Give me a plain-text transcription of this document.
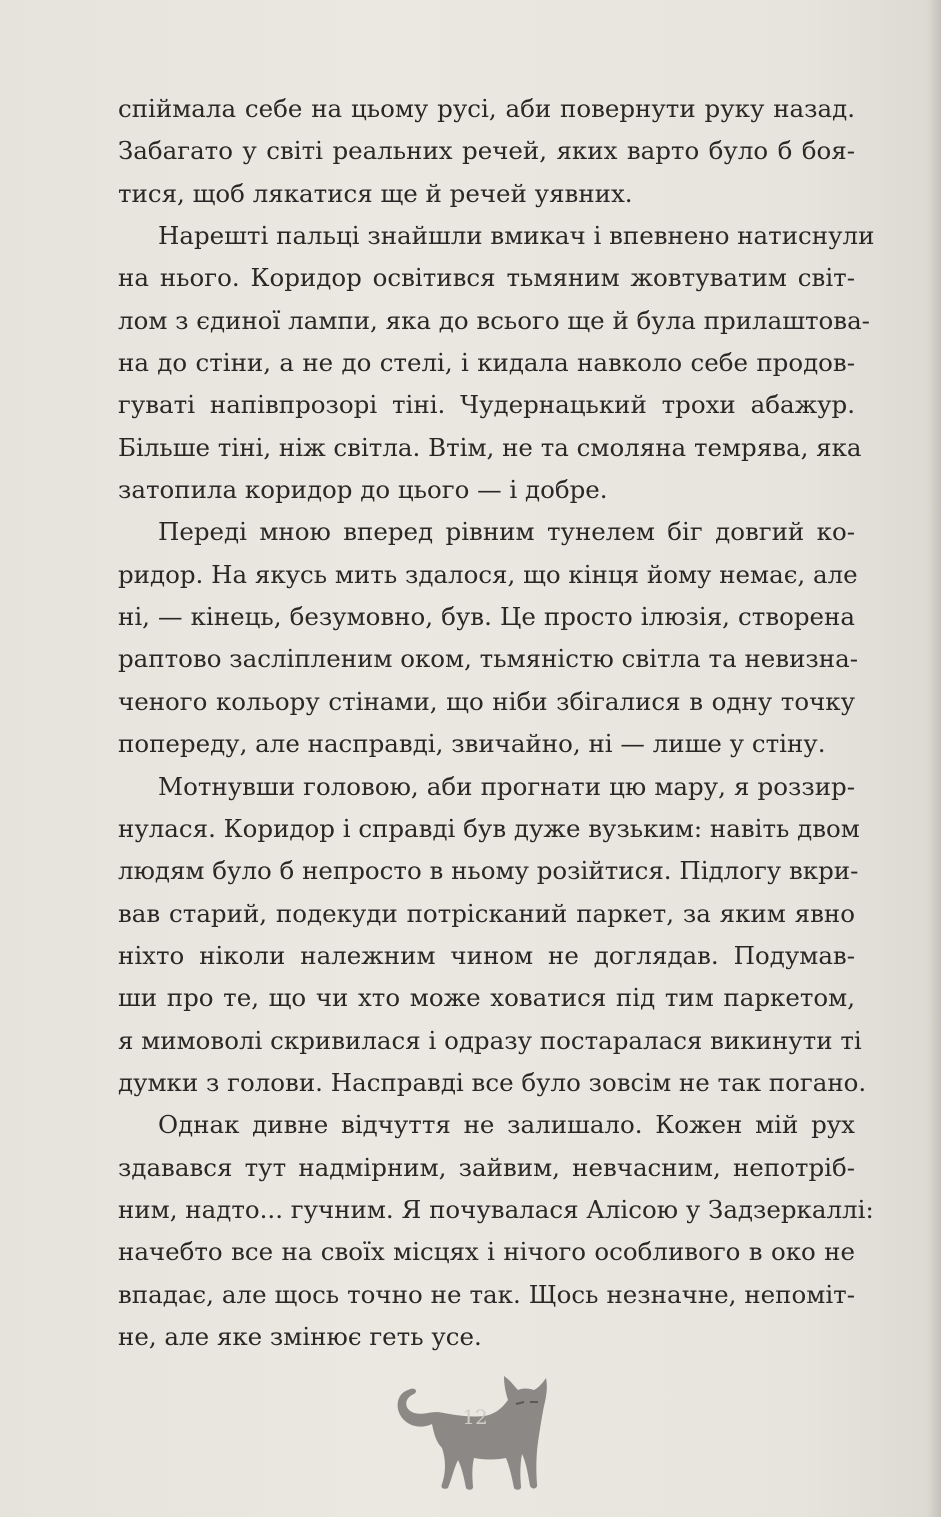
спіймала себе на цьому русі, аби повернути руку назад.
Забагато у світі реальних речей, яких варто було б боя-
тися, щоб лякатися ще й речей уявних.
Нарешті пальці знайшли вмикач і впевнено натиснули
на нього. Коридор освітився тьмяним жовтуватим світ-
лом з єдиної лампи, яка до всього ще й була прилаштова-
на до стіни, а не до стелі, і кидала навколо себе продов-
гуваті напівпрозорі тіні. Чудернацький трохи абажур.
Більше тіні, ніж світла. Втім, не та смоляна темрява, яка
затопила коридор до цього — і добре.
Переді мною вперед рівним тунелем біг довгий ко-
ридор. На якусь мить здалося, що кінця йому немає, але
ні, — кінець, безумовно, був. Це просто ілюзія, створена
раптово засліпленим оком, тьмяністю світла та невизна-
ченого кольору стінами, що ніби збігалися в одну точку
попереду, але насправді, звичайно, ні — лише у стіну.
Мотнувши головою, аби прогнати цю мару, я роззир-
нулася. Коридор і справді був дуже вузьким: навіть двом
людям було б непросто в ньому розійтися. Підлогу вкри-
вав старий, подекуди потрісканий паркет, за яким явно
ніхто ніколи належним чином не доглядав. Подумав-
ши про те, що чи хто може ховатися під тим паркетом,
я мимоволі скривилася і одразу постаралася викинути ті
думки з голови. Насправді все було зовсім не так погано.
Однак дивне відчуття не залишало. Кожен мій рух
здавався тут надмірним, зайвим, невчасним, непотріб-
ним, надто... гучним. Я почувалася Алісою у Задзеркаллі:
начебто все на своїх місцях і нічого особливого в око не
впадає, але щось точно не так. Щось незначне, непоміт-
не, але яке змінює геть усе.
12
